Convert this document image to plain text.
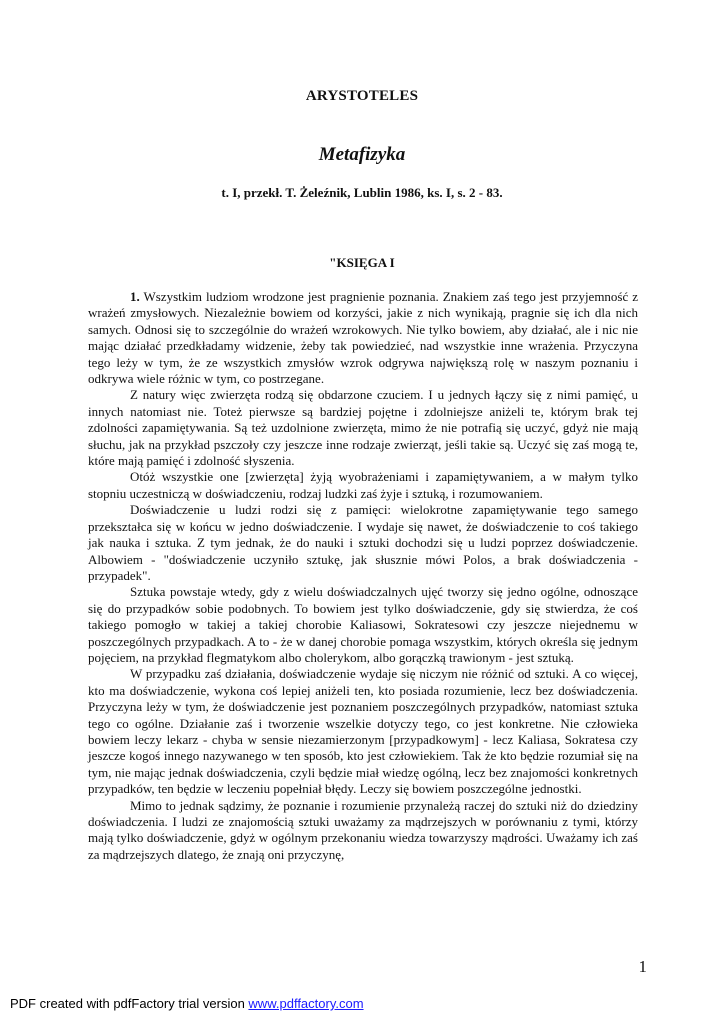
ARYSTOTELES
Metafizyka
t. I, przekł. T. Żeleźnik, Lublin 1986, ks. I, s. 2 - 83.
"KSIĘGA I

1. Wszystkim ludziom wrodzone jest pragnienie poznania. Znakiem zaś tego jest przyjemność z wrażeń zmysłowych. Niezależnie bowiem od korzyści, jakie z nich wynikają, pragnie się ich dla nich samych. Odnosi się to szczególnie do wrażeń wzrokowych. Nie tylko bowiem, aby działać, ale i nic nie mając działać przedkładamy widzenie, żeby tak powiedzieć, nad wszystkie inne wrażenia. Przyczyna tego leży w tym, że ze wszystkich zmysłów wzrok odgrywa największą rolę w naszym poznaniu i odkrywa wiele różnic w tym, co postrzegane.

Z natury więc zwierzęta rodzą się obdarzone czuciem. I u jednych łączy się z nimi pamięć, u innych natomiast nie. Toteż pierwsze są bardziej pojętne i zdolniejsze aniżeli te, którym brak tej zdolności zapamiętywania. Są też uzdolnione zwierzęta, mimo że nie potrafią się uczyć, gdyż nie mają słuchu, jak na przykład pszczoły czy jeszcze inne rodzaje zwierząt, jeśli takie są. Uczyć się zaś mogą te, które mają pamięć i zdolność słyszenia.

Otóż wszystkie one [zwierzęta] żyją wyobrażeniami i zapamiętywaniem, a w małym tylko stopniu uczestniczą w doświadczeniu, rodzaj ludzki zaś żyje i sztuką, i rozumowaniem.

Doświadczenie u ludzi rodzi się z pamięci: wielokrotne zapamiętywanie tego samego przekształca się w końcu w jedno doświadczenie. I wydaje się nawet, że doświadczenie to coś takiego jak nauka i sztuka. Z tym jednak, że do nauki i sztuki dochodzi się u ludzi poprzez doświadczenie. Albowiem - "doświadczenie uczyniło sztukę, jak słusznie mówi Polos, a brak doświadczenia - przypadek".

Sztuka powstaje wtedy, gdy z wielu doświadczalnych ujęć tworzy się jedno ogólne, odnoszące się do przypadków sobie podobnych. To bowiem jest tylko doświadczenie, gdy się stwierdza, że coś takiego pomogło w takiej a takiej chorobie Kaliasowi, Sokratesowi czy jeszcze niejednemu w poszczególnych przypadkach. A to - że w danej chorobie pomaga wszystkim, których określa się jednym pojęciem, na przykład flegmatykom albo cholerykom, albo gorączką trawionym - jest sztuką.

W przypadku zaś działania, doświadczenie wydaje się niczym nie różnić od sztuki. A co więcej, kto ma doświadczenie, wykona coś lepiej aniżeli ten, kto posiada rozumienie, lecz bez doświadczenia. Przyczyna leży w tym, że doświadczenie jest poznaniem poszczególnych przypadków, natomiast sztuka tego co ogólne. Działanie zaś i tworzenie wszelkie dotyczy tego, co jest konkretne. Nie człowieka bowiem leczy lekarz - chyba w sensie niezamierzonym [przypadkowym] - lecz Kaliasa, Sokratesa czy jeszcze kogoś innego nazywanego w ten sposób, kto jest człowiekiem. Tak że kto będzie rozumiał się na tym, nie mając jednak doświadczenia, czyli będzie miał wiedzę ogólną, lecz bez znajomości konkretnych przypadków, ten będzie w leczeniu popełniał błędy. Leczy się bowiem poszczególne jednostki.

Mimo to jednak sądzimy, że poznanie i rozumienie przynależą raczej do sztuki niż do dziedziny doświadczenia. I ludzi ze znajomością sztuki uważamy za mądrzejszych w porównaniu z tymi, którzy mają tylko doświadczenie, gdyż w ogólnym przekonaniu wiedza towarzyszy mądrości. Uważamy ich zaś za mądrzejszych dlatego, że znają oni przyczynę,

1
PDF created with pdfFactory trial version www.pdffactory.com
